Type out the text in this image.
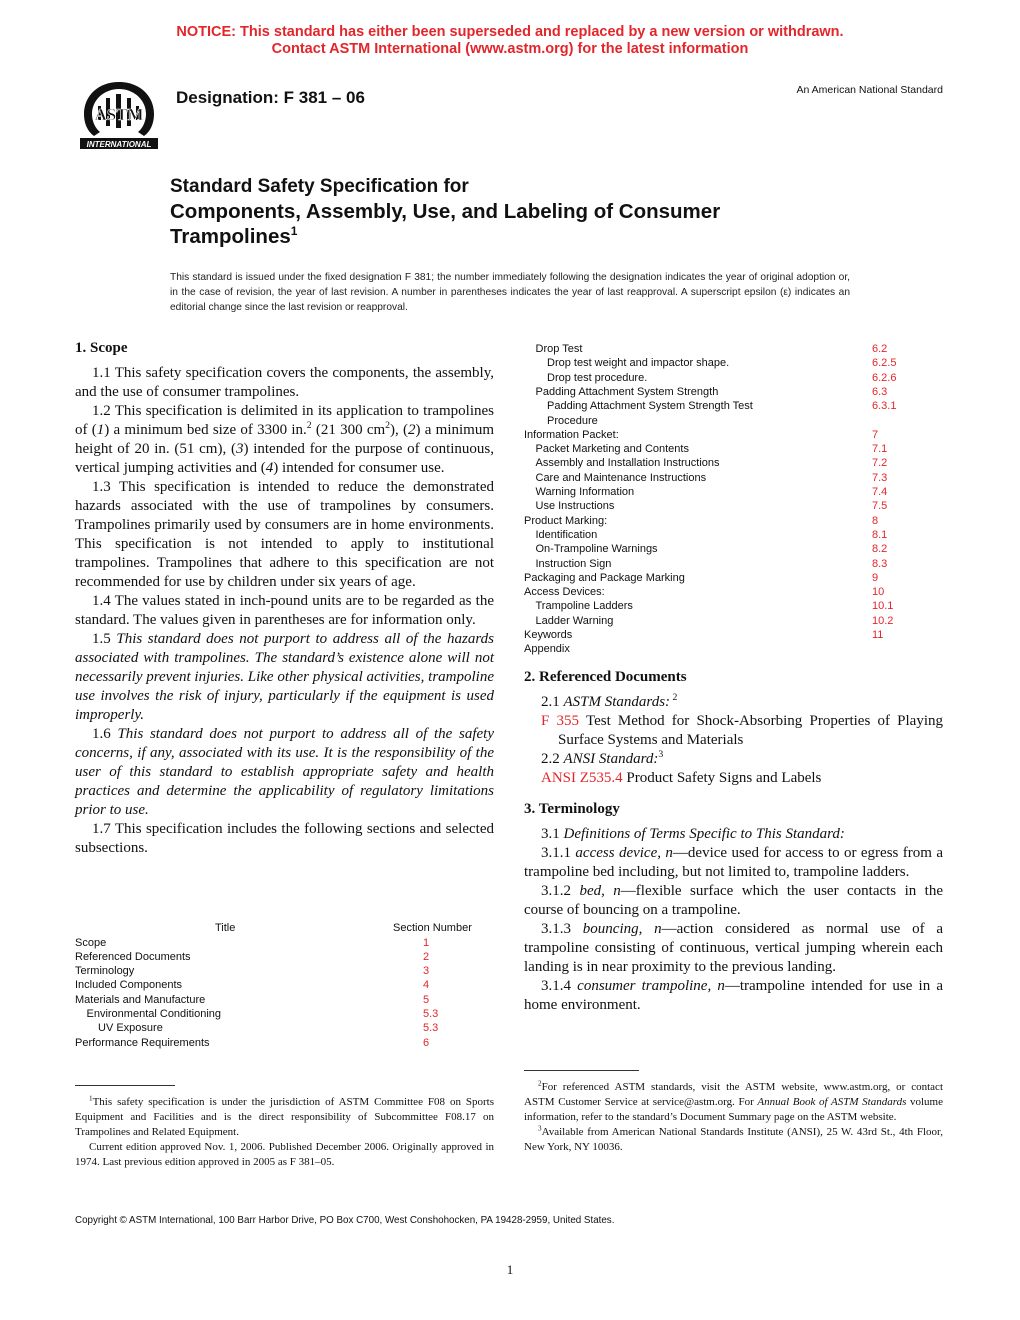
NOTICE: This standard has either been superseded and replaced by a new version or withdrawn.
Contact ASTM International (www.astm.org) for the latest information
ASTM
INTERNATIONAL
Designation: F 381 – 06	An American National Standard
Standard Safety Specification for
Components, Assembly, Use, and Labeling of Consumer
Trampolines$^1$
This standard is issued under the fixed designation F 381; the number immediately following the designation indicates the year of original adoption or, in the case of revision, the year of last revision. A number in parentheses indicates the year of last reapproval. A superscript epsilon (ε) indicates an editorial change since the last revision or reapproval.
1. Scope

1.1 This safety specification covers the components, the assembly, and the use of consumer trampolines.

1.2 This specification is delimited in its application to trampolines of (1) a minimum bed size of 3300 in.$^2$ (21 300 $cm^2$), (2) a minimum height of 20 in. (51 cm), (3) intended for the purpose of continuous, vertical jumping activities and (4) intended for consumer use.

1.3 This specification is intended to reduce the demonstrated hazards associated with the use of trampolines by consumers. Trampolines primarily used by consumers are in home environments. This specification is not intended to apply to institutional trampolines. Trampolines that adhere to this specification are not recommended for use by children under six years of age.

1.4 The values stated in inch-pound units are to be regarded as the standard. The values given in parentheses are for information only.

1.5 This standard does not purport to address all of the hazards associated with trampolines. The standard’s existence alone will not necessarily prevent injuries. Like other physical activities, trampoline use involves the risk of injury, particularly if the equipment is used improperly.

1.6 This standard does not purport to address all of the safety concerns, if any, associated with its use. It is the responsibility of the user of this standard to establish appropriate safety and health practices and determine the applicability of regulatory limitations prior to use.

1.7 This specification includes the following sections and selected subsections.

Title	Section Number
Scope	1
Referenced Documents	2
Terminology	3
Included Components	4
Materials and Manufacture	5
Environmental Conditioning	5.3
UV Exposure	5.3
Performance Requirements	6
Drop Test	6.2
Drop test weight and impactor shape.	6.2.5
Drop test procedure.	6.2.6
Padding Attachment System Strength	6.3
Padding Attachment System Strength Test	6.3.1
Procedure
Information Packet:	7
Packet Marketing and Contents	7.1
Assembly and Installation Instructions	7.2
Care and Maintenance Instructions	7.3
Warning Information	7.4
Use Instructions	7.5
Product Marking:	8
Identification	8.1
On-Trampoline Warnings	8.2
Instruction Sign	8.3
Packaging and Package Marking	9
Access Devices:	10
Trampoline Ladders	10.1
Ladder Warning	10.2
Keywords	11
Appendix
2. Referenced Documents

2.1 ASTM Standards: $^2$

F 355 Test Method for Shock-Absorbing Properties of Playing Surface Systems and Materials

2.2 ANSI Standard:$^3$

ANSI Z535.4 Product Safety Signs and Labels

3. Terminology

3.1 Definitions of Terms Specific to This Standard:

3.1.1 access device, n—device used for access to or egress from a trampoline bed including, but not limited to, trampoline ladders.

3.1.2 bed, n—flexible surface which the user contacts in the course of bouncing on a trampoline.

3.1.3 bouncing, n—action considered as normal use of a trampoline consisting of continuous, vertical jumping wherein each landing is in near proximity to the previous landing.

3.1.4 consumer trampoline, n—trampoline intended for use in a home environment.

$^1$This safety specification is under the jurisdiction of ASTM Committee F08 on Sports Equipment and Facilities and is the direct responsibility of Subcommittee F08.17 on Trampolines and Related Equipment.
Current edition approved Nov. 1, 2006. Published December 2006. Originally approved in 1974. Last previous edition approved in 2005 as F 381–05.
$^2$For referenced ASTM standards, visit the ASTM website, www.astm.org, or contact ASTM Customer Service at service@astm.org. For Annual Book of ASTM Standards volume information, refer to the standard’s Document Summary page on the ASTM website.
$^3$Available from American National Standards Institute (ANSI), 25 W. 43rd St., 4th Floor, New York, NY 10036.
Copyright © ASTM International, 100 Barr Harbor Drive, PO Box C700, West Conshohocken, PA 19428-2959, United States.
1
